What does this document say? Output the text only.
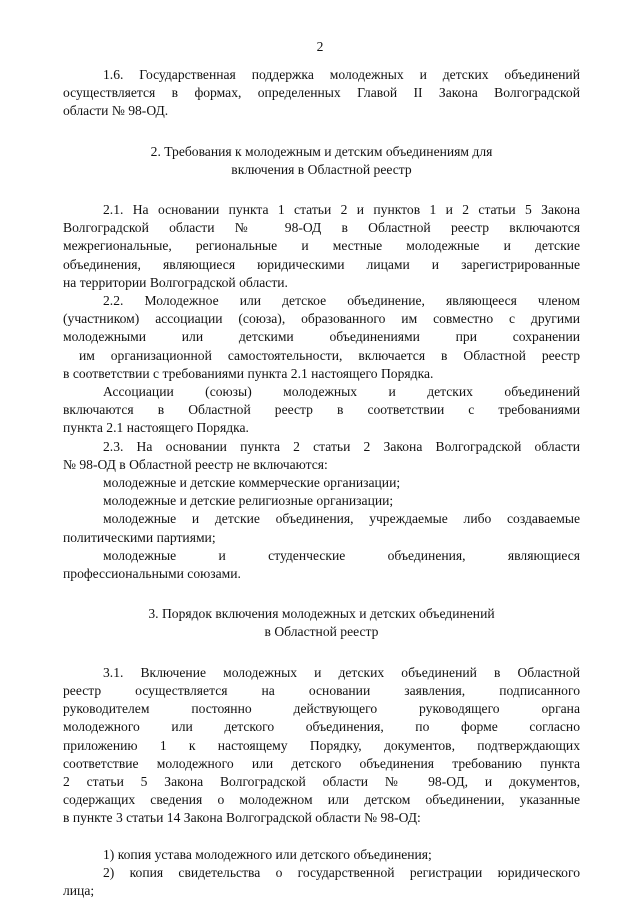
2

1.6. Государственная поддержка молодежных и детских объединений

осуществляется в формах, определенных Главой II Закона Волгоградской

области № 98-ОД.

2. Требования к молодежным и детским объединениям для

включения в Областной реестр

2.1. На основании пункта 1 статьи 2 и пунктов 1 и 2 статьи 5 Закона

Волгоградской области № 98-ОД в Областной реестр включаются

межрегиональные, региональные и местные молодежные и детские

объединения, являющиеся юридическими лицами и зарегистрированные

на территории Волгоградской области.

2.2. Молодежное или детское объединение, являющееся членом

(участником) ассоциации (союза), образованного им совместно с другими

молодежными или детскими объединениями при сохранении

им организационной самостоятельности, включается в Областной реестр

в соответствии с требованиями пункта 2.1 настоящего Порядка.

Ассоциации (союзы) молодежных и детских объединений

включаются в Областной реестр в соответствии с требованиями

пункта 2.1 настоящего Порядка.

2.3. На основании пункта 2 статьи 2 Закона Волгоградской области

№ 98-ОД в Областной реестр не включаются:

молодежные и детские коммерческие организации;

молодежные и детские религиозные организации;

молодежные и детские объединения, учреждаемые либо создаваемые

политическими партиями;

молодежные и студенческие объединения, являющиеся

профессиональными союзами.

3. Порядок включения молодежных и детских объединений

в Областной реестр

3.1. Включение молодежных и детских объединений в Областной

реестр осуществляется на основании заявления, подписанного

руководителем постоянно действующего руководящего органа

молодежного или детского объединения, по форме согласно

приложению 1 к настоящему Порядку, документов, подтверждающих

соответствие молодежного или детского объединения требованию пункта

2 статьи 5 Закона Волгоградской области № 98-ОД, и документов,

содержащих сведения о молодежном или детском объединении, указанные

в пункте 3 статьи 14 Закона Волгоградской области № 98-ОД:

1) копия устава молодежного или детского объединения;

2) копия свидетельства о государственной регистрации юридического

лица;
